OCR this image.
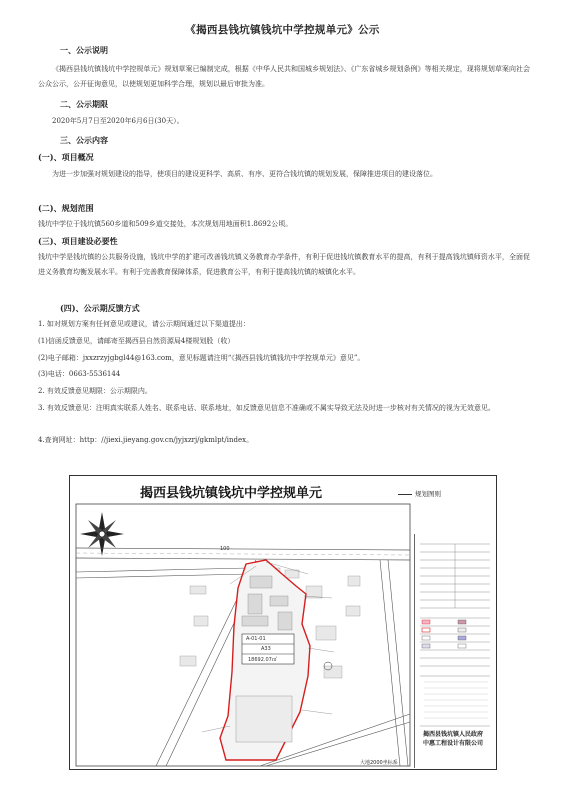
《揭西县钱坑镇钱坑中学控规单元》公示
一、公示说明
《揭西县钱坑镇钱坑中学控规单元》规划草案已编制完成，根据《中华人民共和国城乡规划法》、《广东省城乡规划条例》等相关规定，现将规划草案向社会公众公示，公开征询意见，以使规划更加科学合理，规划以最后审批为准。
二、公示期限
2020年5月7日至2020年6月6日(30天）。
三、公示内容
(一)、项目概况
为进一步加强对规划建设的指导，使项目的建设更科学、高质、有序、更符合钱坑镇的规划发展，保障推进项目的建设落位。
(二)、规划范围
钱坑中学位于钱坑镇560乡道和509乡道交接处，本次规划用地面积1.8692公顷。
(三)、项目建设必要性
钱坑中学是钱坑镇的公共服务设施，钱坑中学的扩建可改善钱坑镇义务教育办学条件，有利于促进钱坑镇教育水平的提高，有利于提高钱坑镇师资水平，全面促进义务教育均衡发展水平。有利于完善教育保障体系，促进教育公平，有利于提高钱坑镇的城镇化水平。
(四)、公示期反馈方式
1. 如对规划方案有任何意见或建议，请公示期间通过以下渠道提出：
(1)信函反馈意见，请邮寄至揭西县自然资源局4楼规划股（收）
(2)电子邮箱：jxxzrzyjgbgl44@163.com，意见标题请注明“《揭西县钱坑镇钱坑中学控规单元》意见”。
(3)电话：0663-5536144
2. 有效反馈意见期限：公示期限内。
3. 有效反馈意见：注明真实联系人姓名、联系电话、联系地址，如反馈意见信息不准确或不属实导致无法及时进一步核对有关情况的视为无效意见。
4.查询网址：http：//jiexi.jieyang.gov.cn/jyjxzrj/gkmlpt/index。
揭西县钱坑镇钱坑中学控规单元	规划图则
100
A-01-01
A33
18692.07㎡
大地2000坐标系
揭西县钱坑镇人民政府
中惠工程设计有限公司
